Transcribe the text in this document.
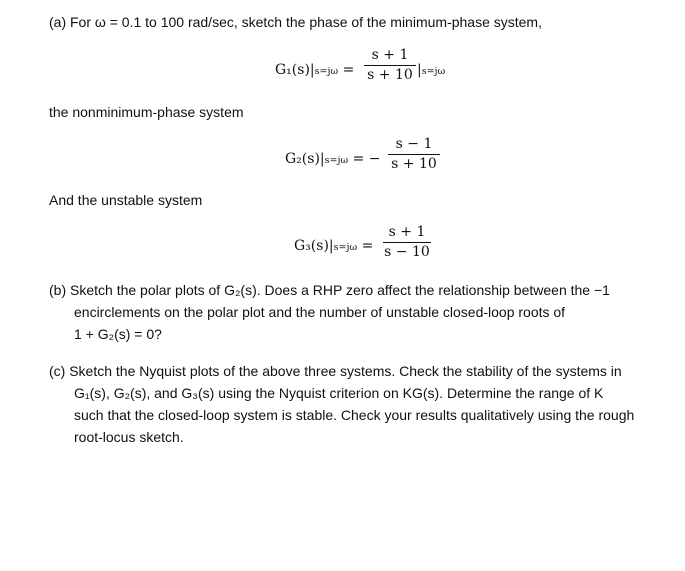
(a) For ω = 0.1 to 100 rad/sec, sketch the phase of the minimum-phase system,
G₁(s)|s=jω =
s + 1
s + 10 |s=jω
the nonminimum-phase system
G₂(s)|s=jω = −
s − 1
s + 10
And the unstable system
G₃(s)|s=jω =
s + 1
s − 10
(b) Sketch the polar plots of G₂(s). Does a RHP zero affect the relationship between the −1
encirclements on the polar plot and the number of unstable closed-loop roots of
1 + G₂(s) = 0?
(c) Sketch the Nyquist plots of the above three systems. Check the stability of the systems in
G₁(s), G₂(s), and G₃(s) using the Nyquist criterion on KG(s). Determine the range of K
such that the closed-loop system is stable. Check your results qualitatively using the rough
root-locus sketch.
